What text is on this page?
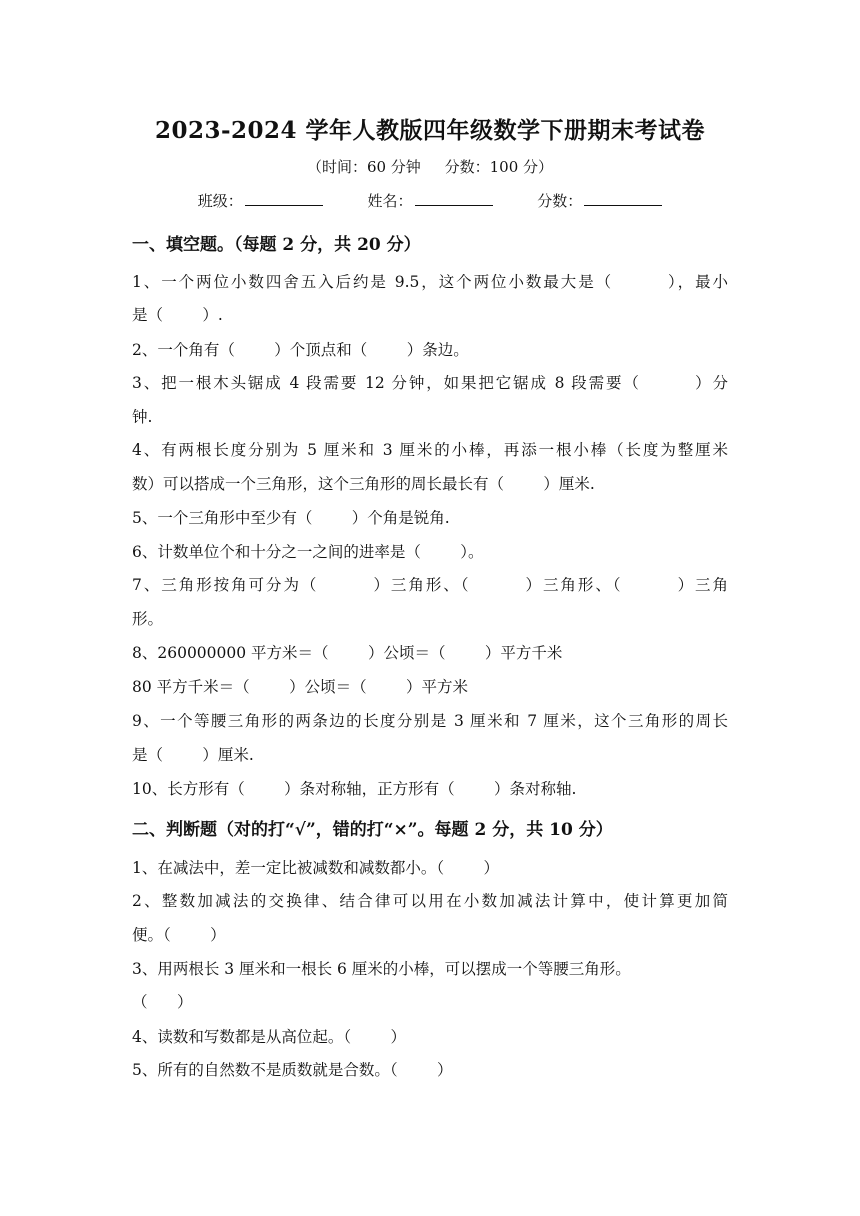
2023-2024 学年人教版四年级数学下册期末考试卷
（时间：60 分钟     分数：100 分）
班级：	姓名：	分数：
一、填空题。（每题 2 分，共 20 分）
1、一个两位小数四舍五入后约是 9.5，这个两位小数最大是（        ），最小
是（        ）.
2、一个角有（        ）个顶点和（        ）条边。
3、把一根木头锯成 4 段需要 12 分钟，如果把它锯成 8 段需要（        ）分
钟.
4、有两根长度分别为 5 厘米和 3 厘米的小棒，再添一根小棒（长度为整厘米
数）可以搭成一个三角形，这个三角形的周长最长有（        ）厘米.
5、一个三角形中至少有（        ）个角是锐角.
6、计数单位个和十分之一之间的进率是（        ）。
7、三角形按角可分为（        ）三角形、（        ）三角形、（        ）三角
形。
8、260000000 平方米＝（        ）公顷＝（        ）平方千米
80 平方千米＝（        ）公顷＝（        ）平方米
9、一个等腰三角形的两条边的长度分别是 3 厘米和 7 厘米，这个三角形的周长
是（        ）厘米.
10、长方形有（        ）条对称轴，正方形有（        ）条对称轴.
二、判断题（对的打“√”，错的打“×”。每题 2 分，共 10 分）
1、在减法中，差一定比被减数和减数都小。（        ）
2、整数加减法的交换律、结合律可以用在小数加减法计算中，使计算更加简
便。（        ）
3、用两根长 3 厘米和一根长 6 厘米的小棒，可以摆成一个等腰三角形。
（      ）
4、读数和写数都是从高位起。（        ）
5、所有的自然数不是质数就是合数。（        ）
